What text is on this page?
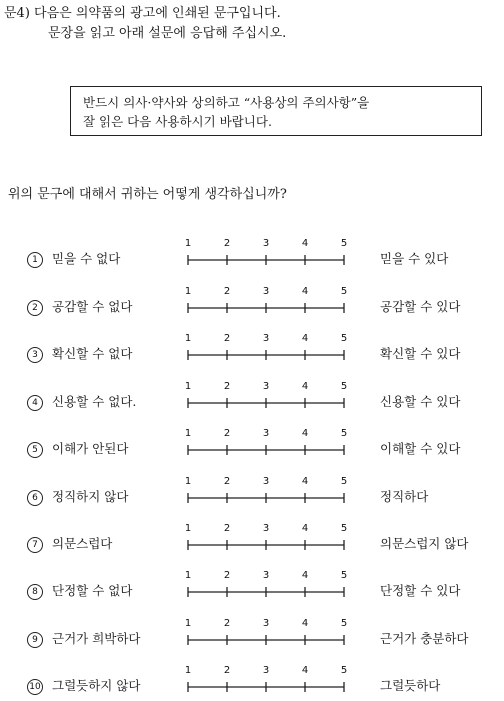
문4) 다음은 의약품의 광고에 인쇄된 문구입니다.
문장을 읽고 아래 설문에 응답해 주십시오.
반드시 의사·약사와 상의하고 “사용상의 주의사항”을
잘 읽은 다음 사용하시기 바랍니다.
위의 문구에 대해서 귀하는 어떻게 생각하십니까?
1	2	3	4	5
1 믿을 수 없다	믿을 수 있다
1	2	3	4	5
2 공감할 수 없다	공감할 수 있다
1	2	3	4	5
3 확신할 수 없다	확신할 수 있다
1	2	3	4	5
4 신용할 수 없다.	신용할 수 있다
1	2	3	4	5
5 이해가 안된다	이해할 수 있다
1	2	3	4	5
6 정직하지 않다	정직하다
1	2	3	4	5
7 의문스럽다	의문스럽지 않다
1	2	3	4	5
8 단정할 수 없다	단정할 수 있다
1	2	3	4	5
9 근거가 희박하다	근거가 충분하다
1	2	3	4	5
10 그럴듯하지 않다	그럴듯하다
